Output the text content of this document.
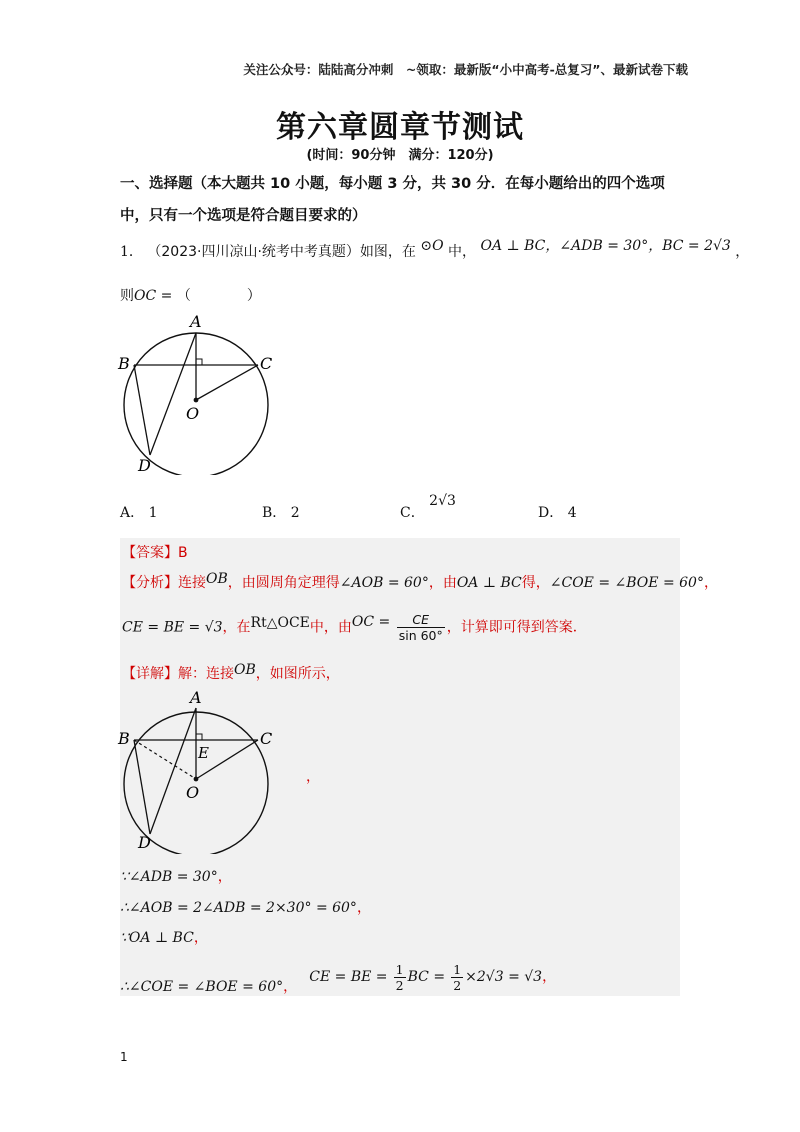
关注公众号：陆陆高分冲刺　~领取：最新版“小中高考-总复习”、最新试卷下载
第六章圆章节测试
(时间：90分钟　满分：120分)
一、选择题（本大题共 10 小题，每小题 3 分，共 30 分．在每小题给出的四个选项中，只有一个选项是符合题目要求的）
1． （2023·四川凉山·统考中考真题）如图，在 ⊙O 中， OA ⊥ BC，∠ADB = 30°，BC = 2√3 ，
则OC = （　　　　）
A
B	C
O
D
A． 1	B． 2	C． 2√3
D． 4
【答案】B
【分析】连接OB，由圆周角定理得∠AOB = 60°，由OA ⊥ BC得，∠COE = ∠BOE = 60°，
CE = BE = √3，在Rt△OCE中，由OC = $\frac{CE}{\sin 60^\circ}$ ，计算即可得到答案．
【详解】解：连接OB，如图所示，
A
B	C
E
O
D
，
∵∠ADB = 30°，
∴∠AOB = 2∠ADB = 2×30° = 60°，
∵OA ⊥ BC，
∴∠COE = ∠BOE = 60°， CE = BE = $\frac{1}{2}$ BC = $\frac{1}{2} \times 2√3 = √3$，
1
